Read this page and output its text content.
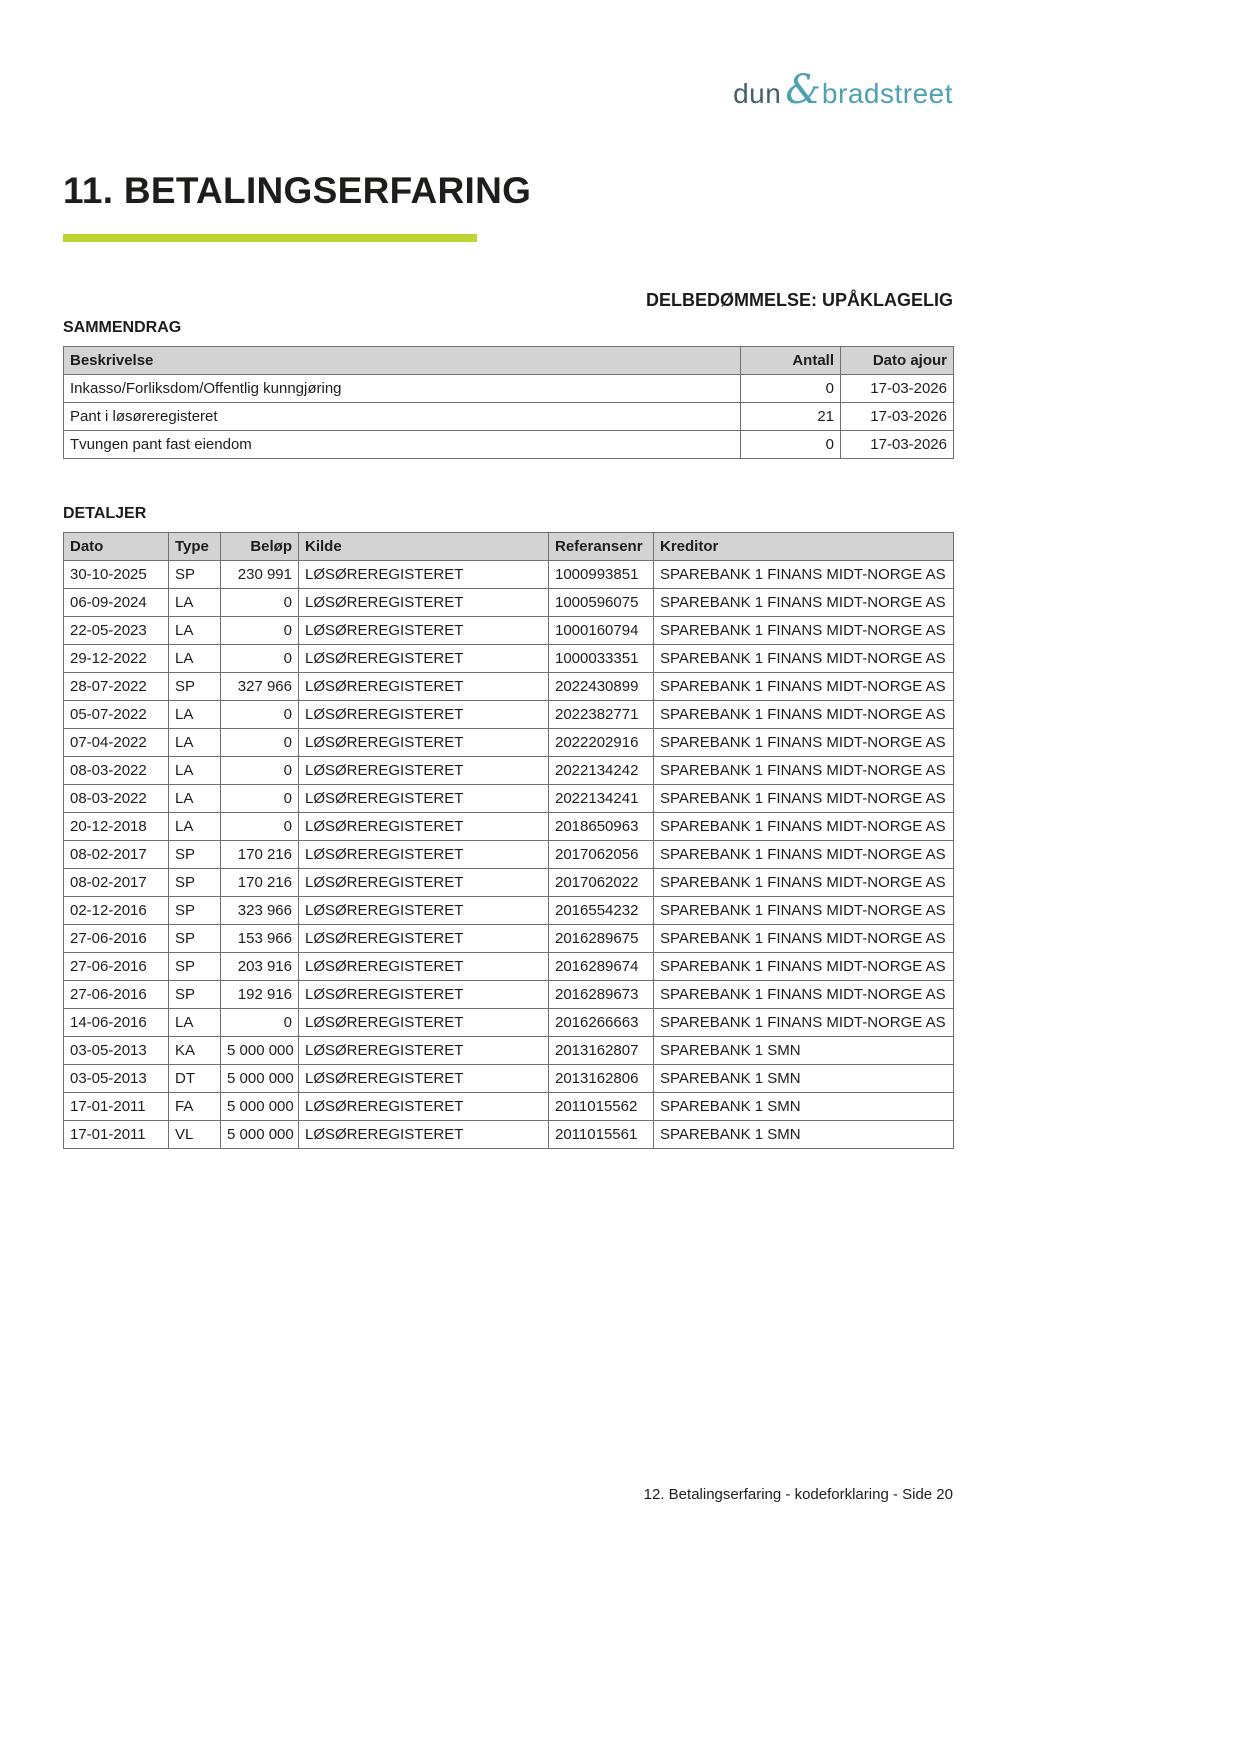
dun & bradstreet
11. BETALINGSERFARING
DELBEDØMMELSE: UPÅKLAGELIG
SAMMENDRAG
Beskrivelse	Antall	Dato ajour
Inkasso/Forliksdom/Offentlig kunngjøring	0	17-03-2026
Pant i løsøreregisteret	21	17-03-2026
Tvungen pant fast eiendom	0	17-03-2026
DETALJER
Dato	Type	Beløp	Kilde	Referansenr	Kreditor
30-10-2025	SP	230 991	LØSØREREGISTERET	1000993851	SPAREBANK 1 FINANS MIDT-NORGE AS
06-09-2024	LA	0	LØSØREREGISTERET	1000596075	SPAREBANK 1 FINANS MIDT-NORGE AS
22-05-2023	LA	0	LØSØREREGISTERET	1000160794	SPAREBANK 1 FINANS MIDT-NORGE AS
29-12-2022	LA	0	LØSØREREGISTERET	1000033351	SPAREBANK 1 FINANS MIDT-NORGE AS
28-07-2022	SP	327 966	LØSØREREGISTERET	2022430899	SPAREBANK 1 FINANS MIDT-NORGE AS
05-07-2022	LA	0	LØSØREREGISTERET	2022382771	SPAREBANK 1 FINANS MIDT-NORGE AS
07-04-2022	LA	0	LØSØREREGISTERET	2022202916	SPAREBANK 1 FINANS MIDT-NORGE AS
08-03-2022	LA	0	LØSØREREGISTERET	2022134242	SPAREBANK 1 FINANS MIDT-NORGE AS
08-03-2022	LA	0	LØSØREREGISTERET	2022134241	SPAREBANK 1 FINANS MIDT-NORGE AS
20-12-2018	LA	0	LØSØREREGISTERET	2018650963	SPAREBANK 1 FINANS MIDT-NORGE AS
08-02-2017	SP	170 216	LØSØREREGISTERET	2017062056	SPAREBANK 1 FINANS MIDT-NORGE AS
08-02-2017	SP	170 216	LØSØREREGISTERET	2017062022	SPAREBANK 1 FINANS MIDT-NORGE AS
02-12-2016	SP	323 966	LØSØREREGISTERET	2016554232	SPAREBANK 1 FINANS MIDT-NORGE AS
27-06-2016	SP	153 966	LØSØREREGISTERET	2016289675	SPAREBANK 1 FINANS MIDT-NORGE AS
27-06-2016	SP	203 916	LØSØREREGISTERET	2016289674	SPAREBANK 1 FINANS MIDT-NORGE AS
27-06-2016	SP	192 916	LØSØREREGISTERET	2016289673	SPAREBANK 1 FINANS MIDT-NORGE AS
14-06-2016	LA	0	LØSØREREGISTERET	2016266663	SPAREBANK 1 FINANS MIDT-NORGE AS
03-05-2013	KA	5 000 000	LØSØREREGISTERET	2013162807	SPAREBANK 1 SMN
03-05-2013	DT	5 000 000	LØSØREREGISTERET	2013162806	SPAREBANK 1 SMN
17-01-2011	FA	5 000 000	LØSØREREGISTERET	2011015562	SPAREBANK 1 SMN
17-01-2011	VL	5 000 000	LØSØREREGISTERET	2011015561	SPAREBANK 1 SMN
12. Betalingserfaring - kodeforklaring - Side 20
